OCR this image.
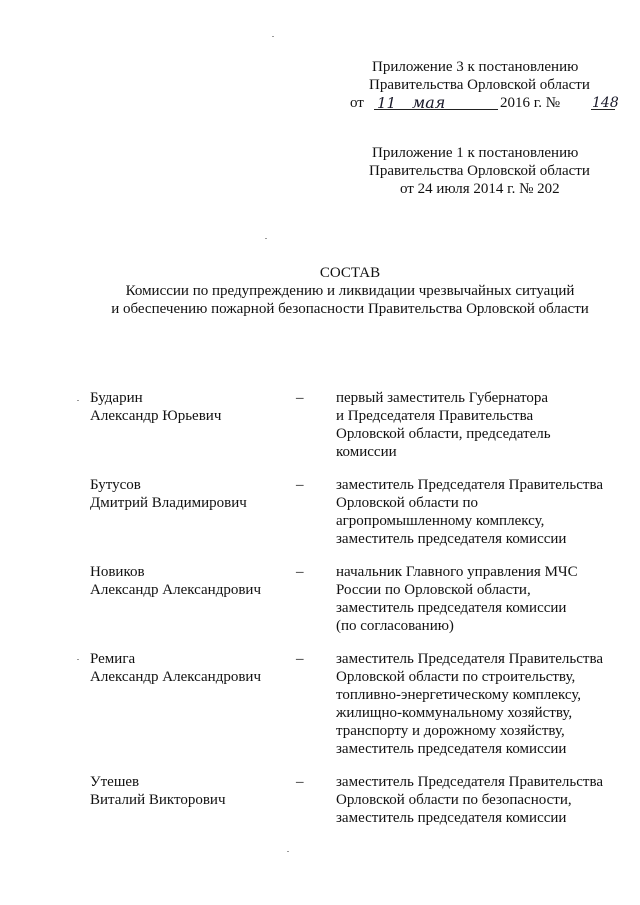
Приложение 3 к постановлению
Правительства Орловской области
от 11 мая	2016 г. № 148
Приложение 1 к постановлению
Правительства Орловской области
от 24 июля 2014 г. № 202
СОСТАВ
Комиссии по предупреждению и ликвидации чрезвычайных ситуаций
и обеспечению пожарной безопасности Правительства Орловской области
Бударин
Александр Юрьевич
– первый заместитель Губернатора
и Председателя Правительства
Орловской области, председатель
комиссии
Бутусов
Дмитрий Владимирович
– заместитель Председателя Правительства
Орловской области по
агропромышленному комплексу,
заместитель председателя комиссии
Новиков
Александр Александрович
– начальник Главного управления МЧС
России по Орловской области,
заместитель председателя комиссии
(по согласованию)
Ремига
Александр Александрович
– заместитель Председателя Правительства
Орловской области по строительству,
топливно-энергетическому комплексу,
жилищно-коммунальному хозяйству,
транспорту и дорожному хозяйству,
заместитель председателя комиссии
Утешев
Виталий Викторович
– заместитель Председателя Правительства
Орловской области по безопасности,
заместитель председателя комиссии
